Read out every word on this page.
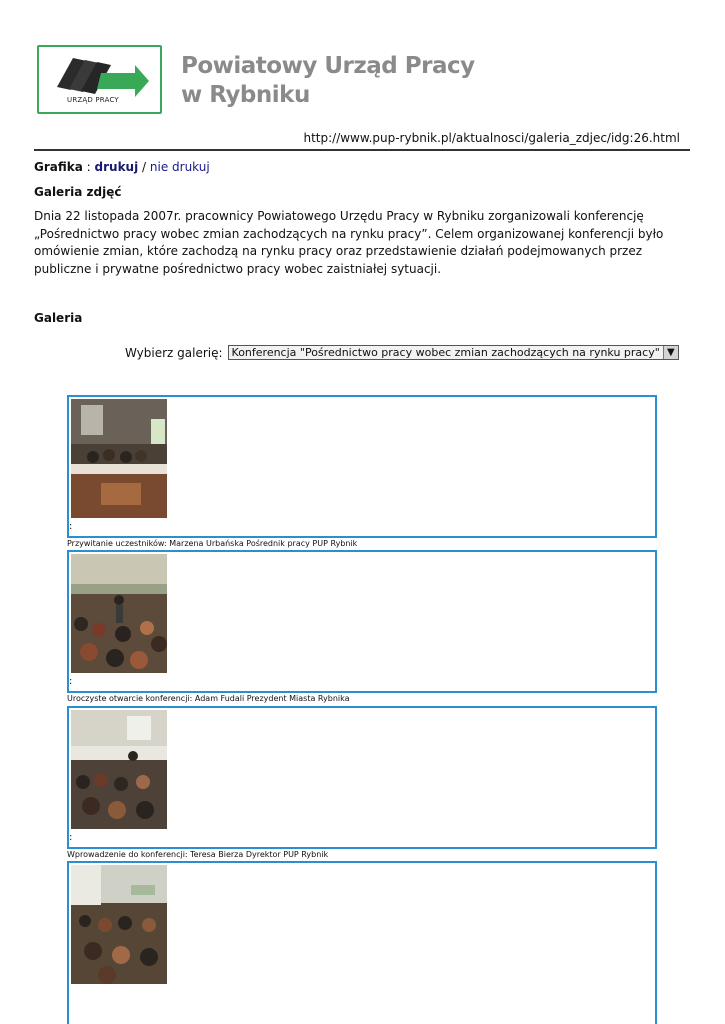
URZĄD PRACY
Powiatowy Urząd Pracy
w Rybniku
http://www.pup-rybnik.pl/aktualnosci/galeria_zdjec/idg:26.html
Grafika : drukuj / nie drukuj
Galeria zdjęć
Dnia 22 listopada 2007r. pracownicy Powiatowego Urzędu Pracy w Rybniku zorganizowali konferencję „Pośrednictwo pracy wobec zmian zachodzących na rynku pracy”. Celem organizowanej konferencji było omówienie zmian, które zachodzą na rynku pracy oraz przedstawienie działań podejmowanych przez publiczne i prywatne pośrednictwo pracy wobec zaistniałej sytuacji.
Galeria
Wybierz galerię: Konferencja "Pośrednictwo pracy wobec zmian zachodzących na rynku pracy" ▼
:
Przywitanie uczestników: Marzena Urbańska Pośrednik pracy PUP Rybnik
:
Uroczyste otwarcie konferencji: Adam Fudali Prezydent Miasta Rybnika
:
Wprowadzenie do konferencji: Teresa Bierza Dyrektor PUP Rybnik
